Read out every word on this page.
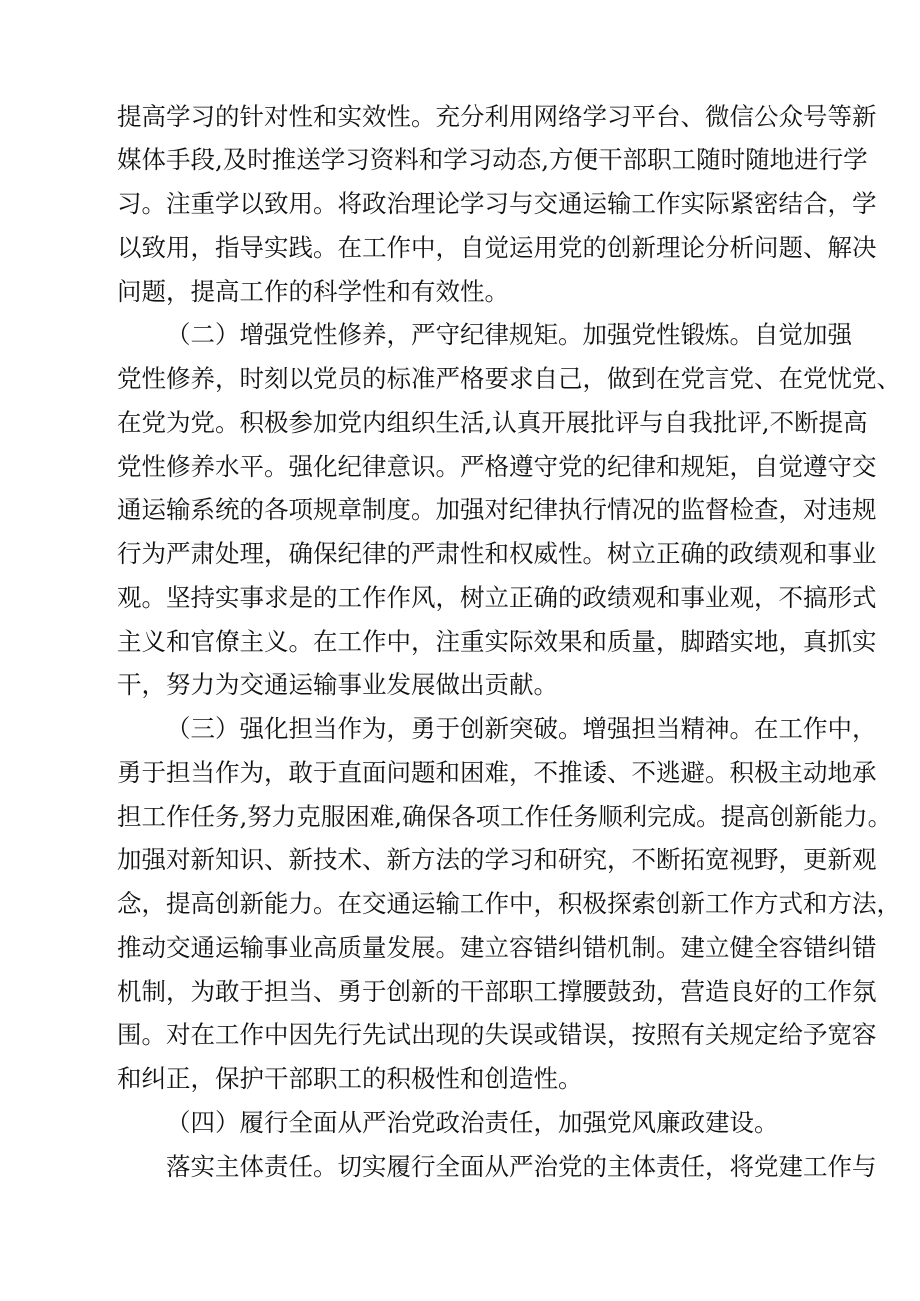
提高学习的针对性和实效性。充分利用网络学习平台、微信公众号等新

媒体手段,及时推送学习资料和学习动态,方便干部职工随时随地进行学

习。注重学以致用。将政治理论学习与交通运输工作实际紧密结合，学

以致用，指导实践。在工作中，自觉运用党的创新理论分析问题、解决

问题，提高工作的科学性和有效性。

（二）增强党性修养，严守纪律规矩。加强党性锻炼。自觉加强

党性修养，时刻以党员的标准严格要求自己，做到在党言党、在党忧党、

在党为党。积极参加党内组织生活,认真开展批评与自我批评,不断提高

党性修养水平。强化纪律意识。严格遵守党的纪律和规矩，自觉遵守交

通运输系统的各项规章制度。加强对纪律执行情况的监督检查，对违规

行为严肃处理，确保纪律的严肃性和权威性。树立正确的政绩观和事业

观。坚持实事求是的工作作风，树立正确的政绩观和事业观，不搞形式

主义和官僚主义。在工作中，注重实际效果和质量，脚踏实地，真抓实

干，努力为交通运输事业发展做出贡献。

（三）强化担当作为，勇于创新突破。增强担当精神。在工作中，

勇于担当作为，敢于直面问题和困难，不推诿、不逃避。积极主动地承

担工作任务,努力克服困难,确保各项工作任务顺利完成。提高创新能力。

加强对新知识、新技术、新方法的学习和研究，不断拓宽视野，更新观

念，提高创新能力。在交通运输工作中，积极探索创新工作方式和方法，

推动交通运输事业高质量发展。建立容错纠错机制。建立健全容错纠错

机制，为敢于担当、勇于创新的干部职工撑腰鼓劲，营造良好的工作氛

围。对在工作中因先行先试出现的失误或错误，按照有关规定给予宽容

和纠正，保护干部职工的积极性和创造性。

（四）履行全面从严治党政治责任，加强党风廉政建设。

落实主体责任。切实履行全面从严治党的主体责任，将党建工作与
